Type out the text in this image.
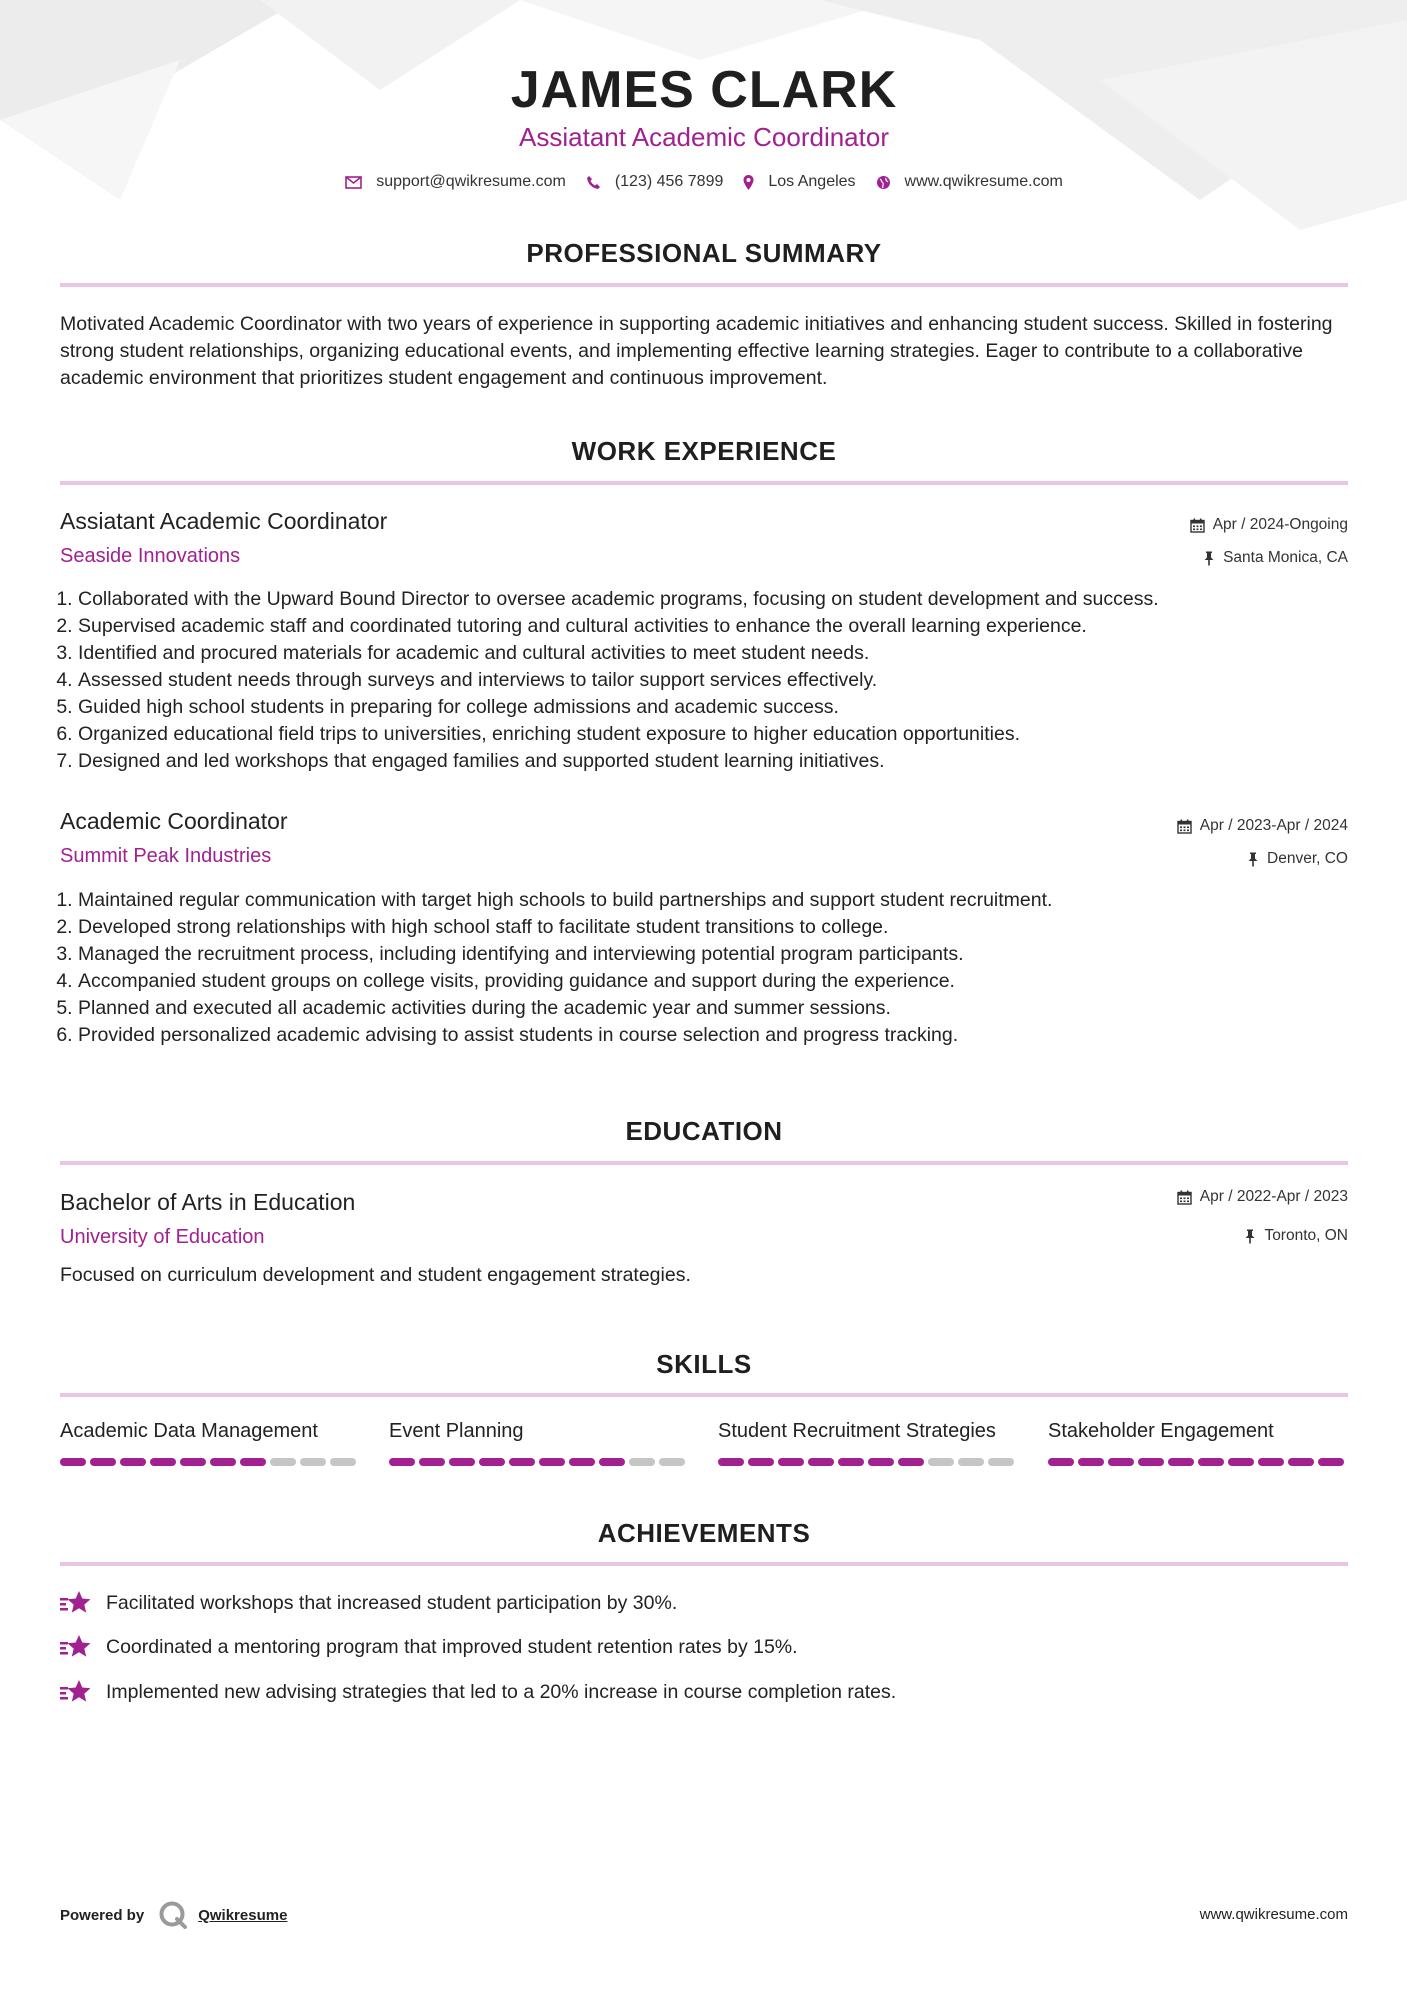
JAMES CLARK
Assiatant Academic Coordinator
support@qwikresume.com	(123) 456 7899	Los Angeles	www.qwikresume.com
PROFESSIONAL SUMMARY
Motivated Academic Coordinator with two years of experience in supporting academic initiatives and enhancing student success. Skilled in fostering strong student relationships, organizing educational events, and implementing effective learning strategies. Eager to contribute to a collaborative academic environment that prioritizes student engagement and continuous improvement.
WORK EXPERIENCE
Assiatant Academic Coordinator
Seaside Innovations
Apr / 2024-Ongoing
Santa Monica, CA
1. Collaborated with the Upward Bound Director to oversee academic programs, focusing on student development and success.
2. Supervised academic staff and coordinated tutoring and cultural activities to enhance the overall learning experience.
3. Identified and procured materials for academic and cultural activities to meet student needs.
4. Assessed student needs through surveys and interviews to tailor support services effectively.
5. Guided high school students in preparing for college admissions and academic success.
6. Organized educational field trips to universities, enriching student exposure to higher education opportunities.
7. Designed and led workshops that engaged families and supported student learning initiatives.
Academic Coordinator
Summit Peak Industries
Apr / 2023-Apr / 2024
Denver, CO
1. Maintained regular communication with target high schools to build partnerships and support student recruitment.
2. Developed strong relationships with high school staff to facilitate student transitions to college.
3. Managed the recruitment process, including identifying and interviewing potential program participants.
4. Accompanied student groups on college visits, providing guidance and support during the experience.
5. Planned and executed all academic activities during the academic year and summer sessions.
6. Provided personalized academic advising to assist students in course selection and progress tracking.
EDUCATION
Bachelor of Arts in Education
University of Education
Apr / 2022-Apr / 2023
Toronto, ON
Focused on curriculum development and student engagement strategies.
SKILLS
Academic Data Management	Event Planning	Student Recruitment Strategies	Stakeholder Engagement
ACHIEVEMENTS
Facilitated workshops that increased student participation by 30%.
Coordinated a mentoring program that improved student retention rates by 15%.
Implemented new advising strategies that led to a 20% increase in course completion rates.
Powered by	Qwikresume	www.qwikresume.com
